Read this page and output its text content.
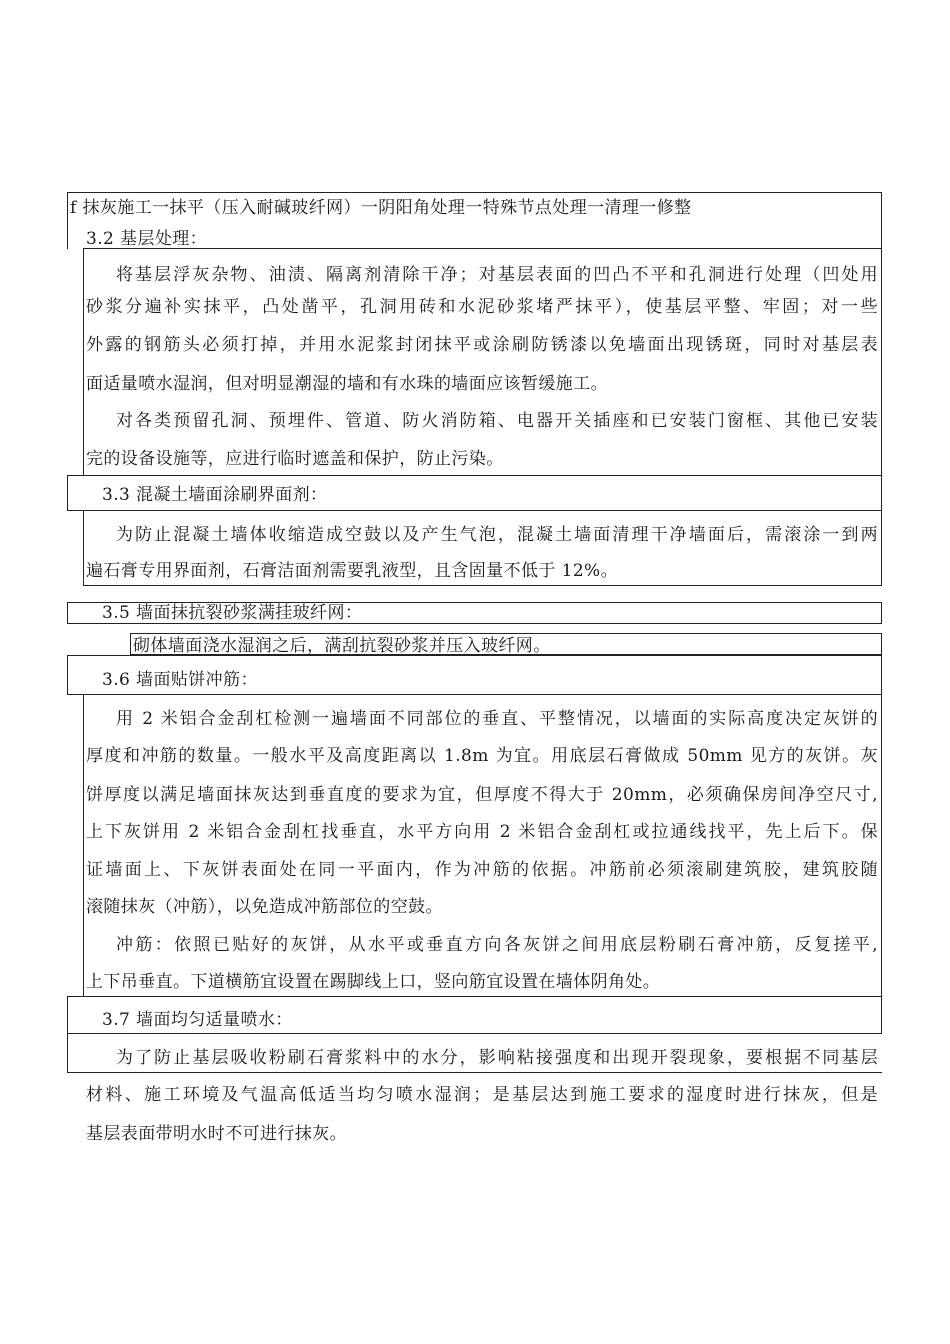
f 抹灰施工一抹平（压入耐碱玻纤网）一阴阳角处理一特殊节点处理一清理一修整
3.2 基层处理：
将基层浮灰杂物、油渍、隔离剂清除干净；对基层表面的凹凸不平和孔洞进行处理（凹处用
砂浆分遍补实抹平，凸处凿平，孔洞用砖和水泥砂浆堵严抹平），使基层平整、牢固；对一些
外露的钢筋头必须打掉，并用水泥浆封闭抹平或涂刷防锈漆以免墙面出现锈斑，同时对基层表
面适量喷水湿润，但对明显潮湿的墙和有水珠的墙面应该暂缓施工。
对各类预留孔洞、预埋件、管道、防火消防箱、电器开关插座和已安装门窗框、其他已安装
完的设备设施等，应进行临时遮盖和保护，防止污染。
3.3 混凝土墙面涂刷界面剂：
为防止混凝土墙体收缩造成空鼓以及产生气泡，混凝土墙面清理干净墙面后，需滚涂一到两
遍石膏专用界面剂，石膏洁面剂需要乳液型，且含固量不低于 12%。
3.5 墙面抹抗裂砂浆满挂玻纤网：
砌体墙面浇水湿润之后，满刮抗裂砂浆并压入玻纤网。
3.6 墙面贴饼冲筋：
用 2 米铝合金刮杠检测一遍墙面不同部位的垂直、平整情况，以墙面的实际高度决定灰饼的
厚度和冲筋的数量。一般水平及高度距离以 1.8m 为宜。用底层石膏做成 50mm 见方的灰饼。灰
饼厚度以满足墙面抹灰达到垂直度的要求为宜，但厚度不得大于 20mm，必须确保房间净空尺寸,
上下灰饼用 2 米铝合金刮杠找垂直，水平方向用 2 米铝合金刮杠或拉通线找平，先上后下。保
证墙面上、下灰饼表面处在同一平面内，作为冲筋的依据。冲筋前必须滚刷建筑胶，建筑胶随
滚随抹灰（冲筋），以免造成冲筋部位的空鼓。
冲筋：依照已贴好的灰饼，从水平或垂直方向各灰饼之间用底层粉刷石膏冲筋，反复搓平,
上下吊垂直。下道横筋宜设置在踢脚线上口，竖向筋宜设置在墙体阴角处。
3.7 墙面均匀适量喷水：
为了防止基层吸收粉刷石膏浆料中的水分，影响粘接强度和出现开裂现象，要根据不同基层
材料、施工环境及气温高低适当均匀喷水湿润；是基层达到施工要求的湿度时进行抹灰，但是
基层表面带明水时不可进行抹灰。
